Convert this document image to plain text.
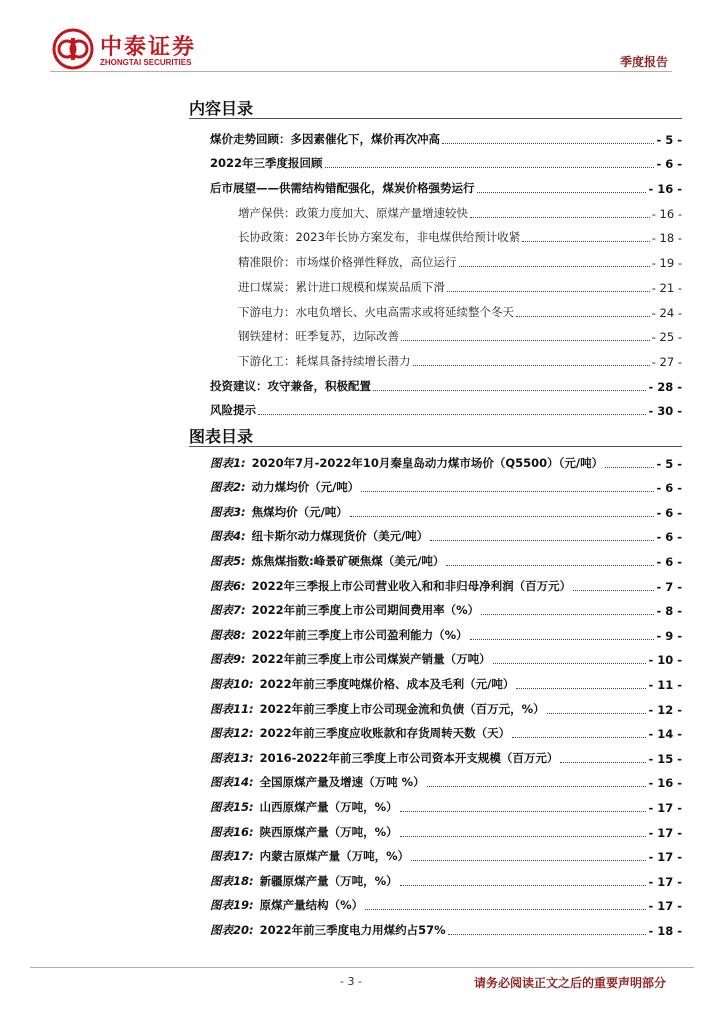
中泰证券
ZHONGTAI SECURITIES	季度报告
内容目录
煤价走势回顾：多因素催化下，煤价再次冲高	- 5 -
2022年三季度报回顾	- 6 -
后市展望——供需结构错配强化，煤炭价格强势运行	- 16 -
增产保供：政策力度加大、原煤产量增速较快	- 16 -
长协政策：2023年长协方案发布，非电煤供给预计收紧	- 18 -
精准限价：市场煤价格弹性释放，高位运行	- 19 -
进口煤炭：累计进口规模和煤炭品质下滑	- 21 -
下游电力：水电负增长、火电高需求或将延续整个冬天	- 24 -
钢铁建材：旺季复苏，边际改善	- 25 -
下游化工：耗煤具备持续增长潜力	- 27 -
投资建议：攻守兼备，积极配置	- 28 -
风险提示	- 30 -
图表目录
图表1: 2020年7月-2022年10月秦皇岛动力煤市场价（Q5500）（元/吨）	- 5 -
图表2: 动力煤均价（元/吨）	- 6 -
图表3: 焦煤均价（元/吨）	- 6 -
图表4: 纽卡斯尔动力煤现货价（美元/吨）	- 6 -
图表5: 炼焦煤指数:峰景矿硬焦煤（美元/吨）	- 6 -
图表6: 2022年三季报上市公司营业收入和和非归母净利润（百万元）	- 7 -
图表7: 2022年前三季度上市公司期间费用率（%）	- 8 -
图表8: 2022年前三季度上市公司盈利能力（%）	- 9 -
图表9: 2022年前三季度上市公司煤炭产销量（万吨）	- 10 -
图表10: 2022年前三季度吨煤价格、成本及毛利（元/吨）	- 11 -
图表11: 2022年前三季度上市公司现金流和负债（百万元，%）	- 12 -
图表12: 2022年前三季度应收账款和存货周转天数（天）	- 14 -
图表13: 2016-2022年前三季度上市公司资本开支规模（百万元）	- 15 -
图表14: 全国原煤产量及增速（万吨 %）	- 16 -
图表15: 山西原煤产量（万吨，%）	- 17 -
图表16: 陕西原煤产量（万吨，%）	- 17 -
图表17: 内蒙古原煤产量（万吨，%）	- 17 -
图表18: 新疆原煤产量（万吨，%）	- 17 -
图表19: 原煤产量结构（%）	- 17 -
图表20: 2022年前三季度电力用煤约占57%	- 18 -
- 3 -	请务必阅读正文之后的重要声明部分
